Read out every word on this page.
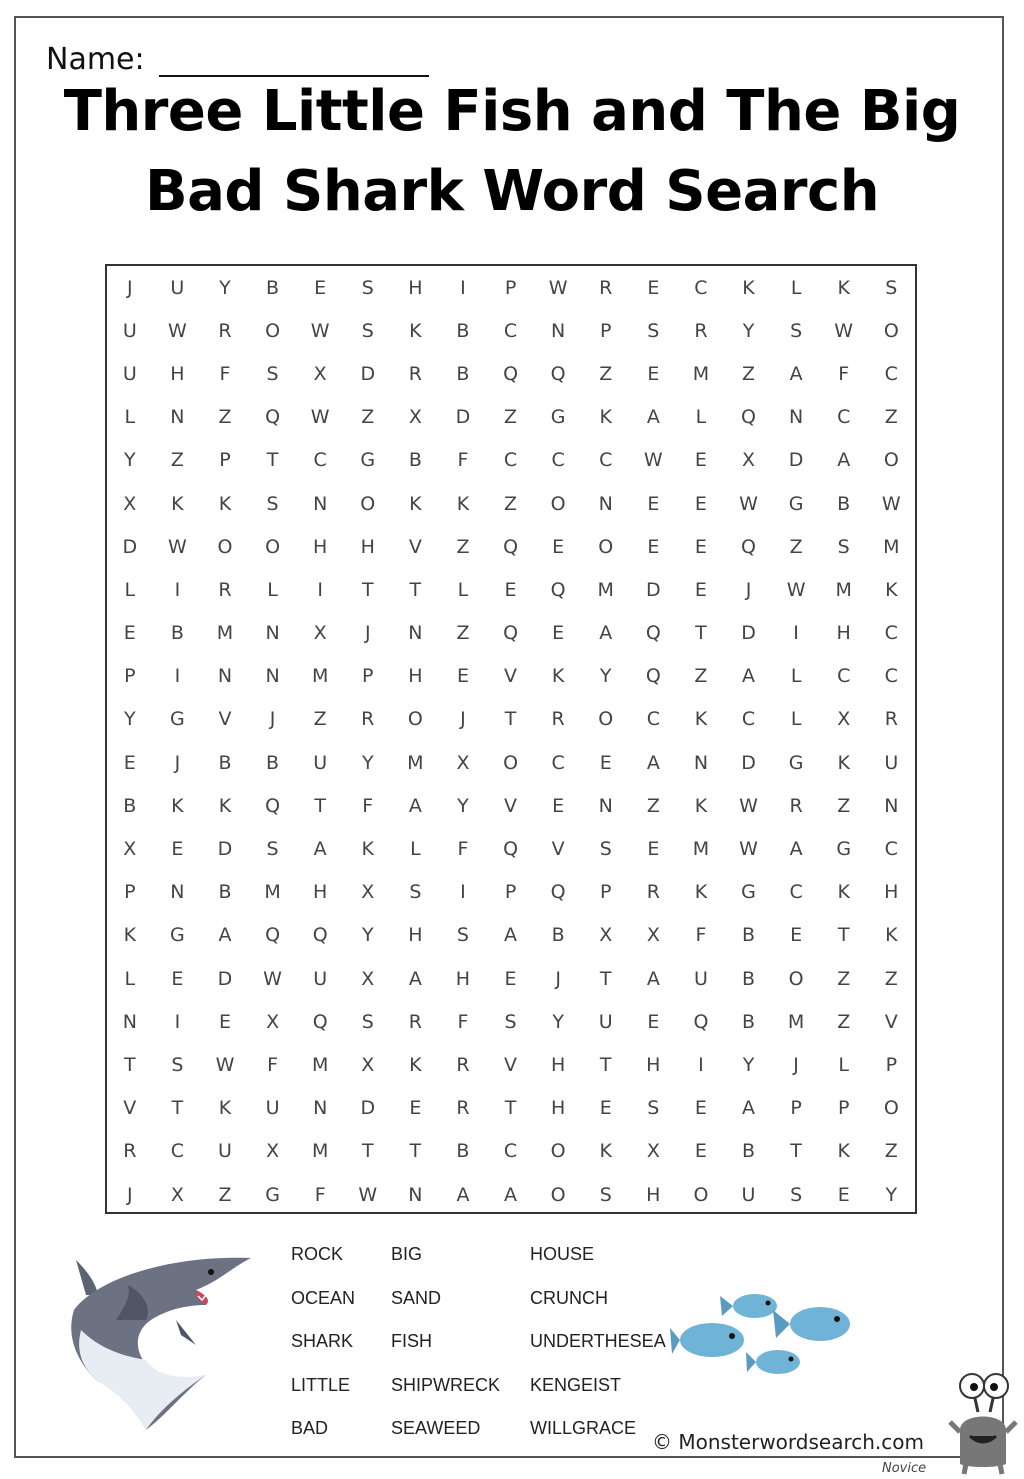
Name:
Three Little Fish and The Big
Bad Shark Word Search
J	U	Y	B	E	S	H	I	P	W	R	E	C	K	L	K	S
U	W	R	O	W	S	K	B	C	N	P	S	R	Y	S	W	O
U	H	F	S	X	D	R	B	Q	Q	Z	E	M	Z	A	F	C
L	N	Z	Q	W	Z	X	D	Z	G	K	A	L	Q	N	C	Z
Y	Z	P	T	C	G	B	F	C	C	C	W	E	X	D	A	O
X	K	K	S	N	O	K	K	Z	O	N	E	E	W	G	B	W
D	W	O	O	H	H	V	Z	Q	E	O	E	E	Q	Z	S	M
L	I	R	L	I	T	T	L	E	Q	M	D	E	J	W	M	K
E	B	M	N	X	J	N	Z	Q	E	A	Q	T	D	I	H	C
P	I	N	N	M	P	H	E	V	K	Y	Q	Z	A	L	C	C
Y	G	V	J	Z	R	O	J	T	R	O	C	K	C	L	X	R
E	J	B	B	U	Y	M	X	O	C	E	A	N	D	G	K	U
B	K	K	Q	T	F	A	Y	V	E	N	Z	K	W	R	Z	N
X	E	D	S	A	K	L	F	Q	V	S	E	M	W	A	G	C
P	N	B	M	H	X	S	I	P	Q	P	R	K	G	C	K	H
K	G	A	Q	Q	Y	H	S	A	B	X	X	F	B	E	T	K
L	E	D	W	U	X	A	H	E	J	T	A	U	B	O	Z	Z
N	I	E	X	Q	S	R	F	S	Y	U	E	Q	B	M	Z	V
T	S	W	F	M	X	K	R	V	H	T	H	I	Y	J	L	P
V	T	K	U	N	D	E	R	T	H	E	S	E	A	P	P	O
R	C	U	X	M	T	T	B	C	O	K	X	E	B	T	K	Z
J	X	Z	G	F	W	N	A	A	O	S	H	O	U	S	E	Y
ROCK
OCEAN
SHARK
LITTLE
BAD
BIG
SAND
FISH
SHIPWRECK
SEAWEED
HOUSE
CRUNCH
UNDERTHESEA
KENGEIST
WILLGRACE
© Monsterwordsearch.com
Novice
